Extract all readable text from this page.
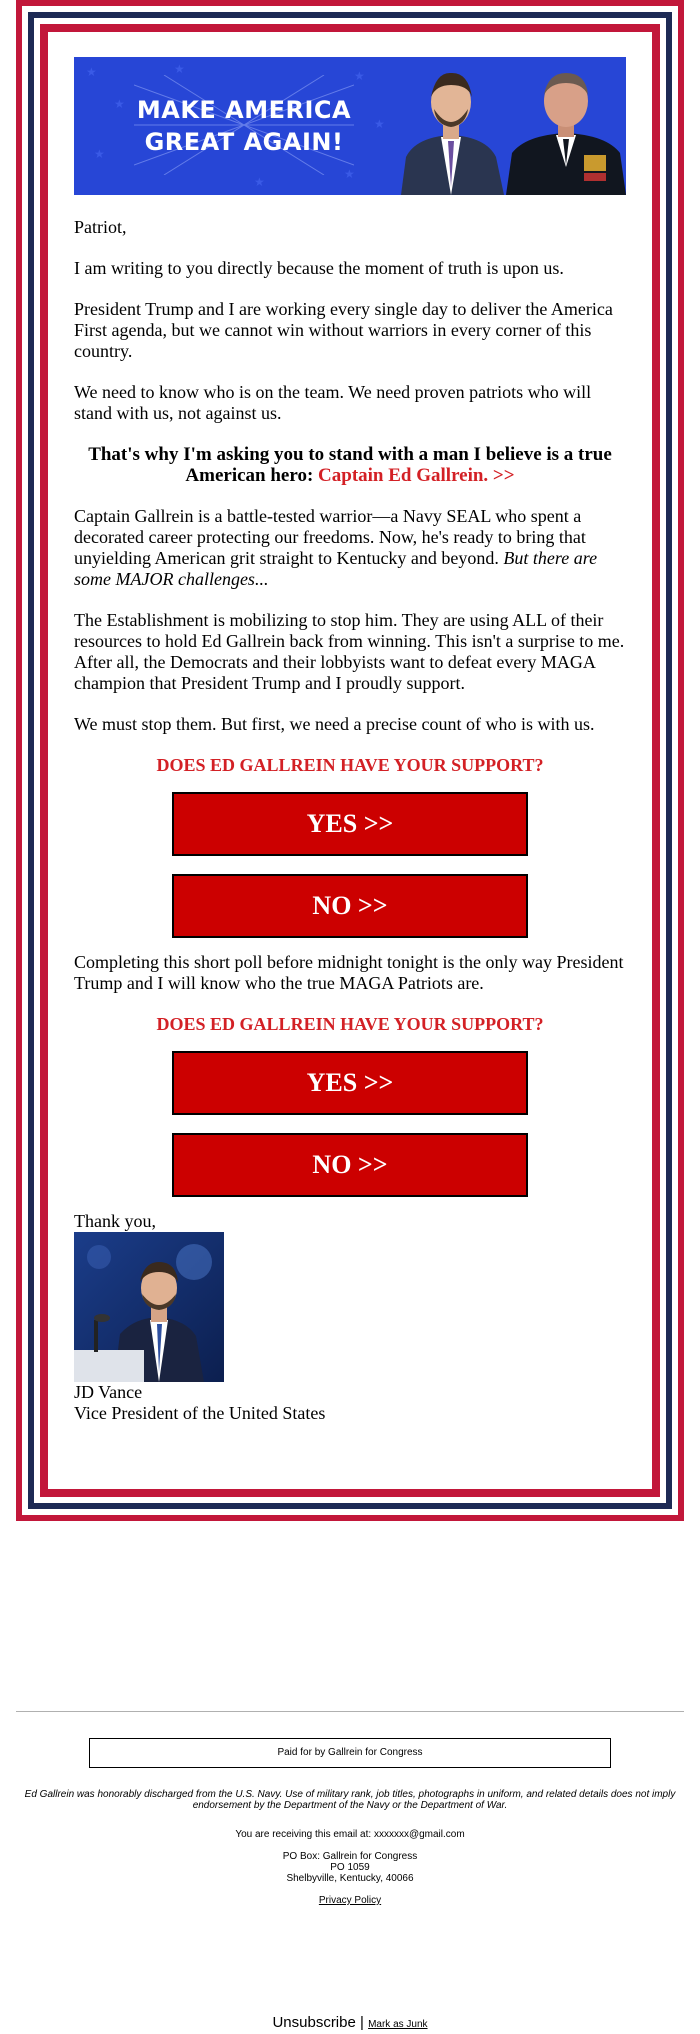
★
★
★
★
★
★
★
★
MAKE AMERICA
GREAT AGAIN!

Patriot,

I am writing to you directly because the moment of truth is upon us.

President Trump and I are working every single day to deliver the America First agenda, but we cannot win without warriors in every corner of this country.

We need to know who is on the team. We need proven patriots who will stand with us, not against us.

That's why I'm asking you to stand with a man I believe is a true American hero: Captain Ed Gallrein. >>

Captain Gallrein is a battle-tested warrior—a Navy SEAL who spent a decorated career protecting our freedoms. Now, he's ready to bring that unyielding American grit straight to Kentucky and beyond. But there are some MAJOR challenges...

The Establishment is mobilizing to stop him. They are using ALL of their resources to hold Ed Gallrein back from winning. This isn't a surprise to me. After all, the Democrats and their lobbyists want to defeat every MAGA champion that President Trump and I proudly support.

We must stop them. But first, we need a precise count of who is with us.

DOES ED GALLREIN HAVE YOUR SUPPORT?
YES >>
NO >>

Completing this short poll before midnight tonight is the only way President Trump and I will know who the true MAGA Patriots are.

DOES ED GALLREIN HAVE YOUR SUPPORT?
YES >>
NO >>

Thank you,

JD Vance

Vice President of the United States

Paid for by Gallrein for Congress
Ed Gallrein was honorably discharged from the U.S. Navy. Use of military rank, job titles, photographs in uniform, and related details does not imply endorsement by the Department of the Navy or the Department of War.
You are receiving this email at: xxxxxxx@gmail.com
PO Box: Gallrein for Congress
PO 1059
Shelbyville, Kentucky, 40066
Privacy Policy
Unsubscribe | Mark as Junk
